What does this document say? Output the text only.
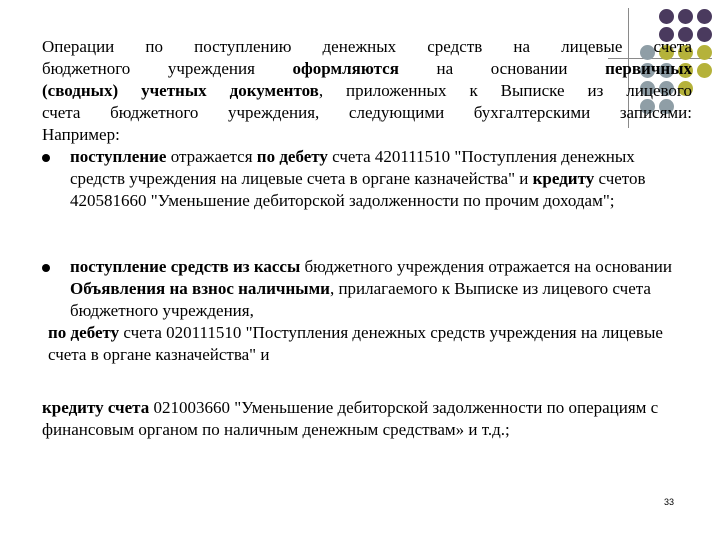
Операции по поступлению денежных средств на лицевые счета
бюджетного учреждения оформляются на основании первичных
(сводных) учетных документов, приложенных к Выписке из лицевого
счета бюджетного учреждения, следующими бухгалтерскими записями:

Например:

поступление отражается по дебету счета 420111510 "Поступления денежных средств учреждения на лицевые счета в органе казначейства" и кредиту счетов 420581660 "Уменьшение дебиторской задолженности по прочим доходам";
поступление средств из кассы бюджетного учреждения отражается на основании Объявления на взнос наличными, прилагаемого к Выписке из лицевого счета бюджетного учреждения,

по дебету счета 020111510 "Поступления денежных средств учреждения на лицевые счета в органе казначейства" и

кредиту счета 021003660 "Уменьшение дебиторской задолженности по операциям с финансовым органом по наличным денежным средствам» и т.д.;

33
